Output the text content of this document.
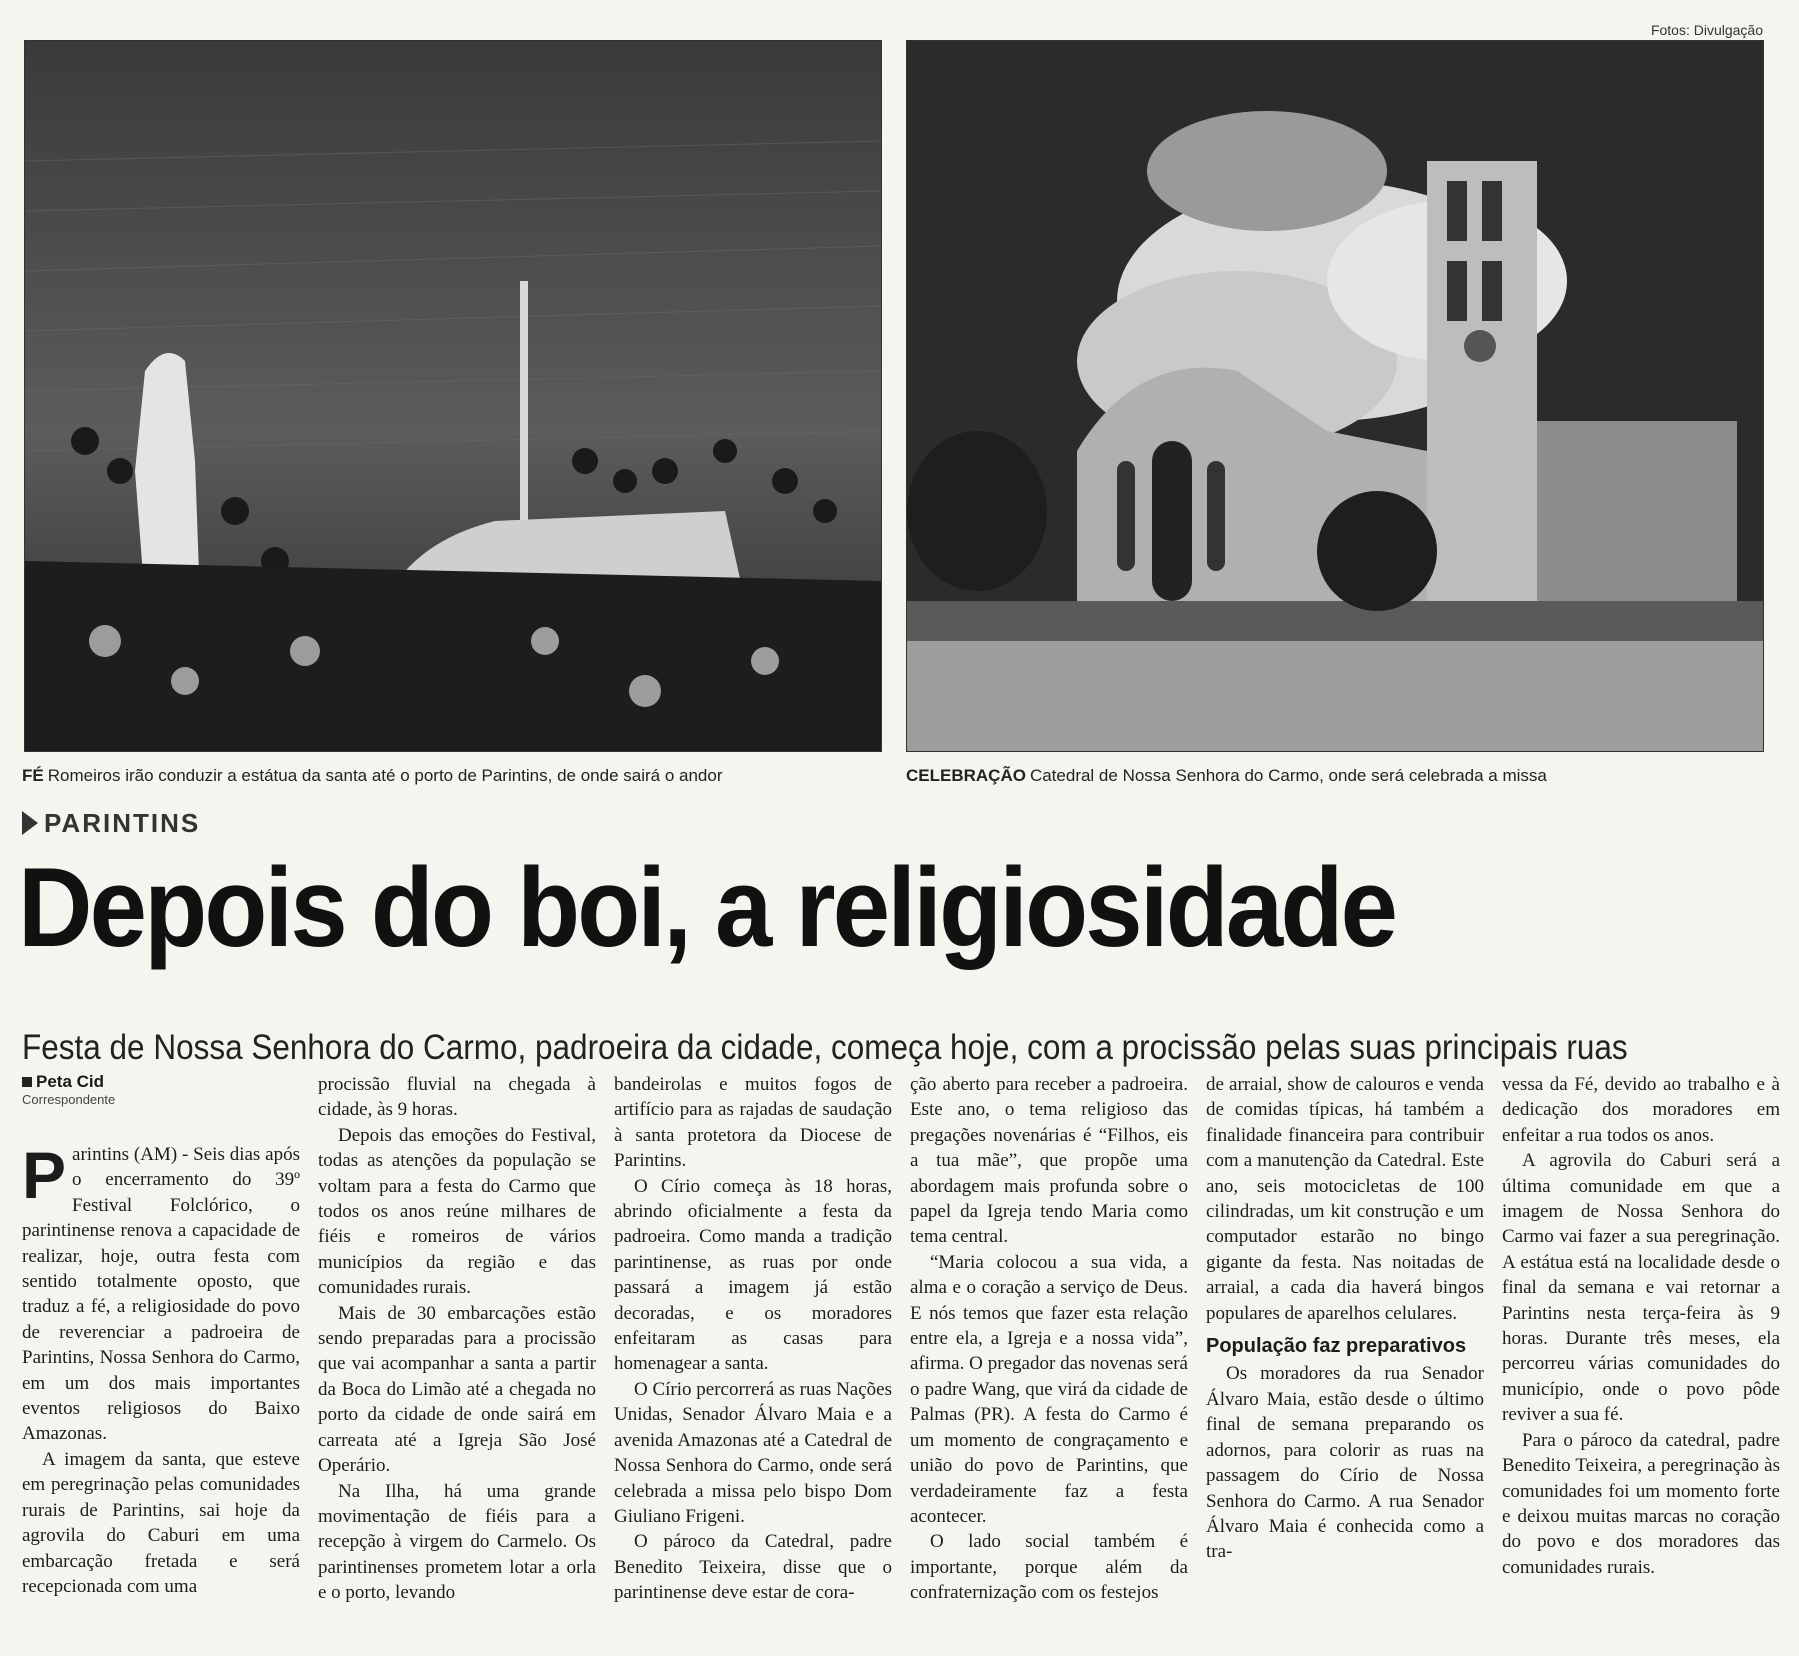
Fotos: Divulgação
FÉ Romeiros irão conduzir a estátua da santa até o porto de Parintins, de onde sairá o andor	CELEBRAÇÃO Catedral de Nossa Senhora do Carmo, onde será celebrada a missa
PARINTINS
Depois do boi, a religiosidade
Festa de Nossa Senhora do Carmo, padroeira da cidade, começa hoje, com a procissão pelas suas principais ruas
Peta Cid
Correspondente
P arintins (AM) - Seis dias após o encerramento do 39º Festival Folclórico, o parintinense renova a capacidade de realizar, hoje, outra festa com sentido totalmente oposto, que traduz a fé, a religiosidade do povo de reverenciar a padroeira de Parintins, Nossa Senhora do Carmo, em um dos mais importantes eventos religiosos do Baixo Amazonas.

A imagem da santa, que esteve em peregrinação pelas comunidades rurais de Parintins, sai hoje da agrovila do Caburi em uma embarcação fretada e será recepcionada com uma

procissão fluvial na chegada à cidade, às 9 horas.

Depois das emoções do Festival, todas as atenções da população se voltam para a festa do Carmo que todos os anos reúne milhares de fiéis e romeiros de vários municípios da região e das comunidades rurais.

Mais de 30 embarcações estão sendo preparadas para a procissão que vai acompanhar a santa a partir da Boca do Limão até a chegada no porto da cidade de onde sairá em carreata até a Igreja São José Operário.

Na Ilha, há uma grande movimentação de fiéis para a recepção à virgem do Carmelo. Os parintinenses prometem lotar a orla e o porto, levando

bandeirolas e muitos fogos de artifício para as rajadas de saudação à santa protetora da Diocese de Parintins.

O Círio começa às 18 horas, abrindo oficialmente a festa da padroeira. Como manda a tradição parintinense, as ruas por onde passará a imagem já estão decoradas, e os moradores enfeitaram as casas para homenagear a santa.

O Círio percorrerá as ruas Nações Unidas, Senador Álvaro Maia e a avenida Amazonas até a Catedral de Nossa Senhora do Carmo, onde será celebrada a missa pelo bispo Dom Giuliano Frigeni.

O pároco da Catedral, padre Benedito Teixeira, disse que o parintinense deve estar de cora-

ção aberto para receber a padroeira. Este ano, o tema religioso das pregações novenárias é “Filhos, eis a tua mãe”, que propõe uma abordagem mais profunda sobre o papel da Igreja tendo Maria como tema central.

“Maria colocou a sua vida, a alma e o coração a serviço de Deus. E nós temos que fazer esta relação entre ela, a Igreja e a nossa vida”, afirma. O pregador das novenas será o padre Wang, que virá da cidade de Palmas (PR). A festa do Carmo é um momento de congraçamento e união do povo de Parintins, que verdadeiramente faz a festa acontecer.

O lado social também é importante, porque além da confraternização com os festejos

de arraial, show de calouros e venda de comidas típicas, há também a finalidade financeira para contribuir com a manutenção da Catedral. Este ano, seis motocicletas de 100 cilindradas, um kit construção e um computador estarão no bingo gigante da festa. Nas noitadas de arraial, a cada dia haverá bingos populares de aparelhos celulares.

População faz preparativos

Os moradores da rua Senador Álvaro Maia, estão desde o último final de semana preparando os adornos, para colorir as ruas na passagem do Círio de Nossa Senhora do Carmo. A rua Senador Álvaro Maia é conhecida como a tra-

vessa da Fé, devido ao trabalho e à dedicação dos moradores em enfeitar a rua todos os anos.

A agrovila do Caburi será a última comunidade em que a imagem de Nossa Senhora do Carmo vai fazer a sua peregrinação. A estátua está na localidade desde o final da semana e vai retornar a Parintins nesta terça-feira às 9 horas. Durante três meses, ela percorreu várias comunidades do município, onde o povo pôde reviver a sua fé.

Para o pároco da catedral, padre Benedito Teixeira, a peregrinação às comunidades foi um momento forte e deixou muitas marcas no coração do povo e dos moradores das comunidades rurais.
